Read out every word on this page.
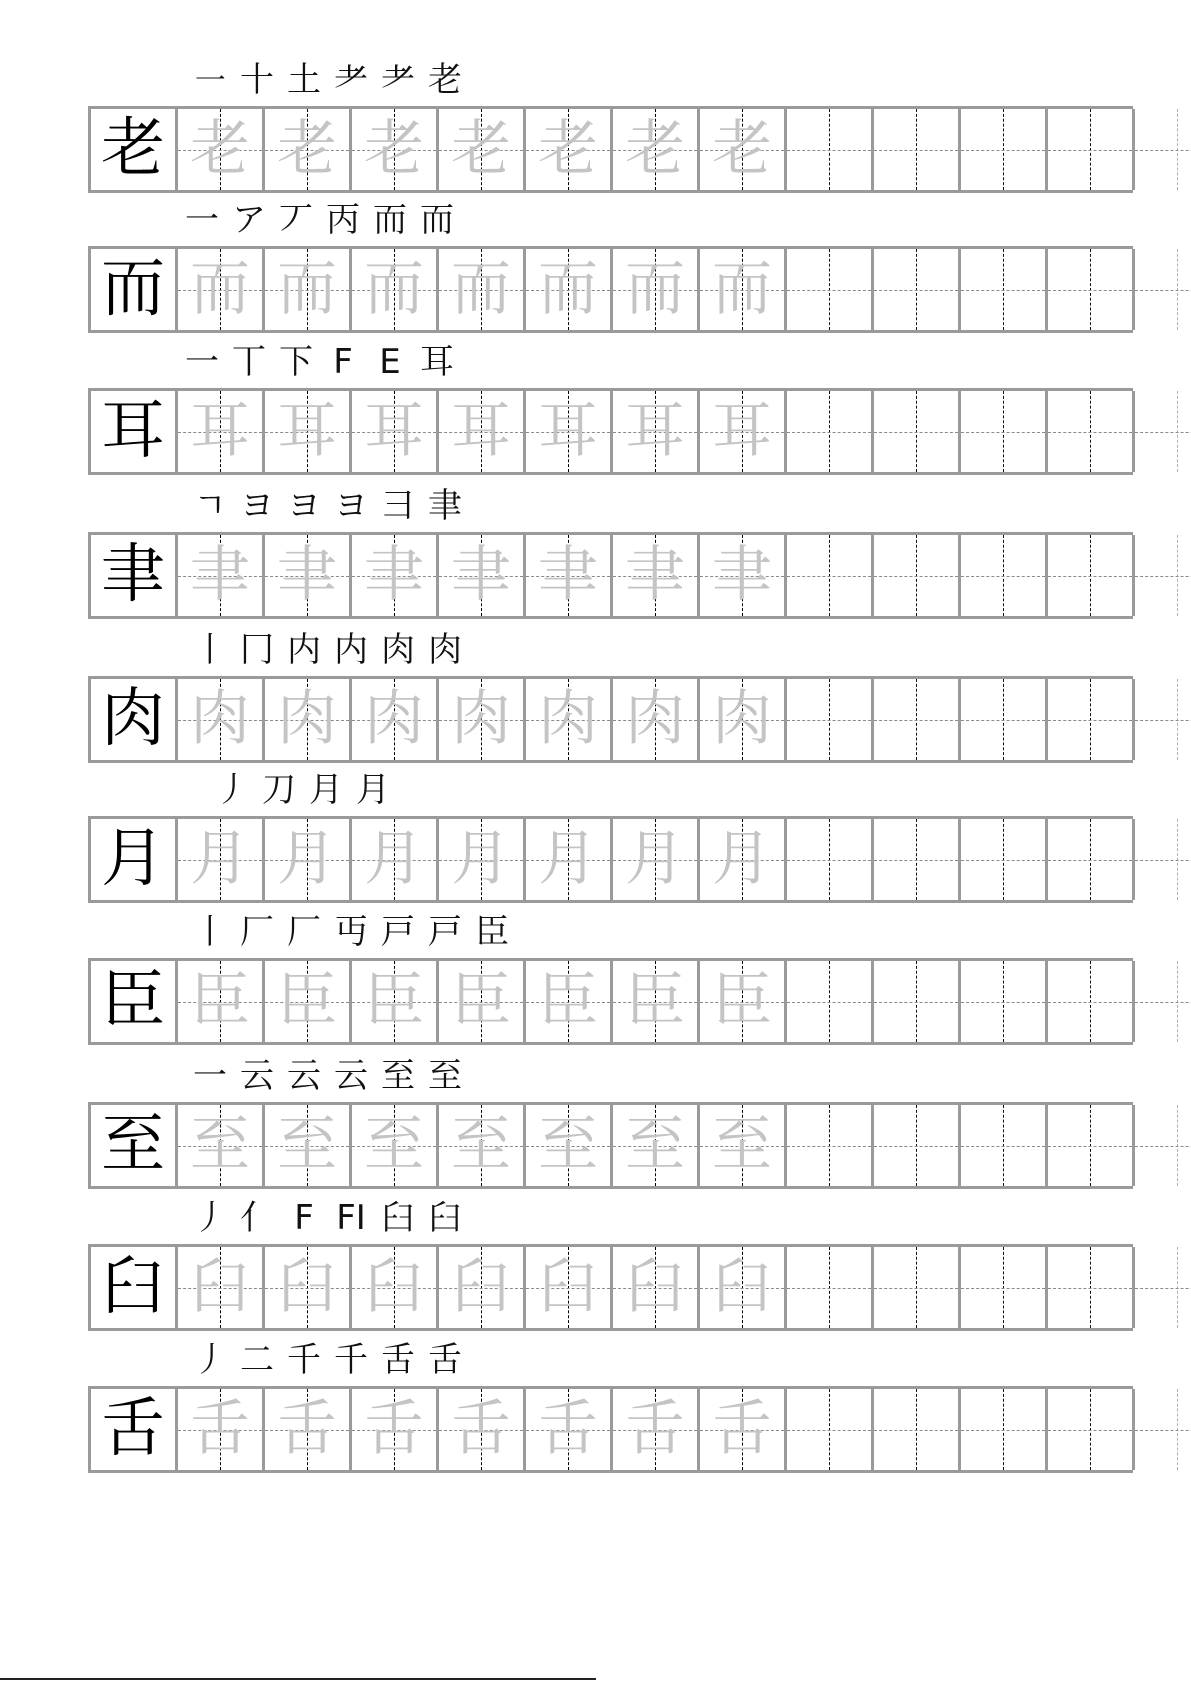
㇐ 十 土 耂 耂 老
老 老 老 老 老 老 老 老
一 ア 丆 丙 而 而
而 而 而 而 而 而 而 而
一 丅 下 F E 耳
耳 耳 耳 耳 耳 耳 耳 耳
ㄱ ヨ ヨ ヨ 彐 聿
聿 聿 聿 聿 聿 聿 聿 聿
丨 冂 内 内 肉 肉
肉 肉 肉 肉 肉 肉 肉 肉
丿 刀 月 月
月 月 月 月 月 月 月 月
丨 厂 厂 丏 戸 戸 臣
臣 臣 臣 臣 臣 臣 臣 臣
一 云 云 云 至 至
至 至 至 至 至 至 至 至
丿 亻 F FI 臼 臼
臼 臼 臼 臼 臼 臼 臼 臼
丿 二 千 千 舌 舌
舌 舌 舌 舌 舌 舌 舌 舌
